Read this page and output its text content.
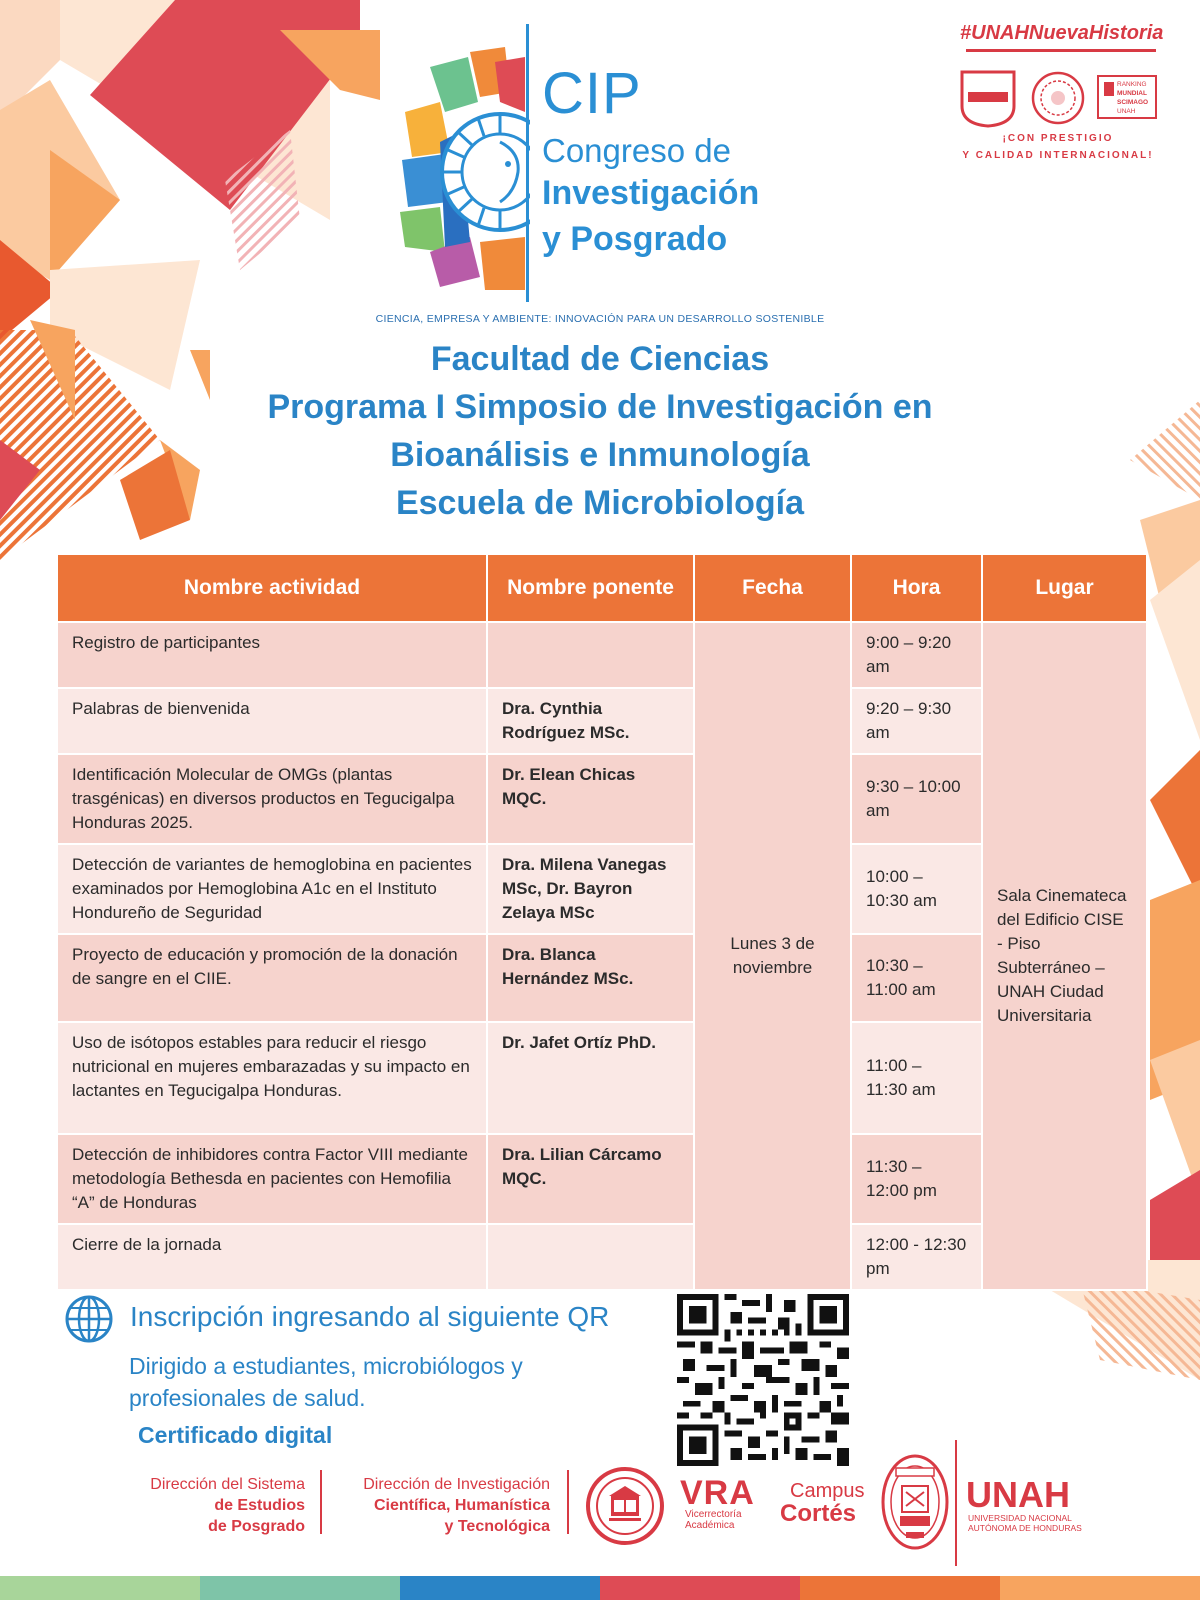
CIP
Congreso de
Investigación
y Posgrado
CIENCIA, EMPRESA Y AMBIENTE: INNOVACIÓN PARA UN DESARROLLO SOSTENIBLE
#UNAHNuevaHistoria
RANKING
MUNDIAL
SCIMAGO
UNAH
¡CON PRESTIGIO
Y CALIDAD INTERNACIONAL!
Facultad de Ciencias
Programa I Simposio de Investigación en
Bioanálisis e Inmunología
Escuela de Microbiología
Nombre actividad	Nombre ponente	Fecha	Hora	Lugar
Registro de participantes		Lunes 3 de noviembre	9:00 – 9:20 am	Sala Cinemateca del Edificio CISE - Piso Subterráneo – UNAH Ciudad Universitaria
Palabras de bienvenida	Dra. Cynthia Rodríguez MSc.		9:20 – 9:30 am	
Identificación Molecular de OMGs (plantas trasgénicas) en diversos productos en Tegucigalpa Honduras 2025.	Dr. Elean Chicas MQC.		9:30 – 10:00 am	
Detección de variantes de hemoglobina en pacientes examinados por Hemoglobina A1c en el Instituto Hondureño de Seguridad	Dra. Milena Vanegas MSc, Dr. Bayron Zelaya MSc		10:00 – 10:30 am	
Proyecto de educación y promoción de la donación de sangre en el CIIE.	Dra. Blanca Hernández MSc.		10:30 – 11:00 am	
Uso de isótopos estables para reducir el riesgo nutricional en mujeres embarazadas y su impacto en lactantes en Tegucigalpa Honduras.	Dr. Jafet Ortíz PhD.		11:00 – 11:30 am	
Detección de inhibidores contra Factor VIII mediante metodología Bethesda en pacientes con Hemofilia “A” de Honduras	Dra. Lilian Cárcamo MQC.		11:30 – 12:00 pm	
Cierre de la jornada			12:00 - 12:30 pm	
Inscripción ingresando al siguiente QR
Dirigido a estudiantes, microbiólogos y profesionales de salud.
Certificado digital
Dirección del Sistema
de Estudios
de Posgrado
Dirección de Investigación
Científica, Humanística
y Tecnológica
VRA
Vicerrectoría
Académica
Campus
Cortés	UNAH
UNIVERSIDAD NACIONAL
AUTÓNOMA DE HONDURAS
